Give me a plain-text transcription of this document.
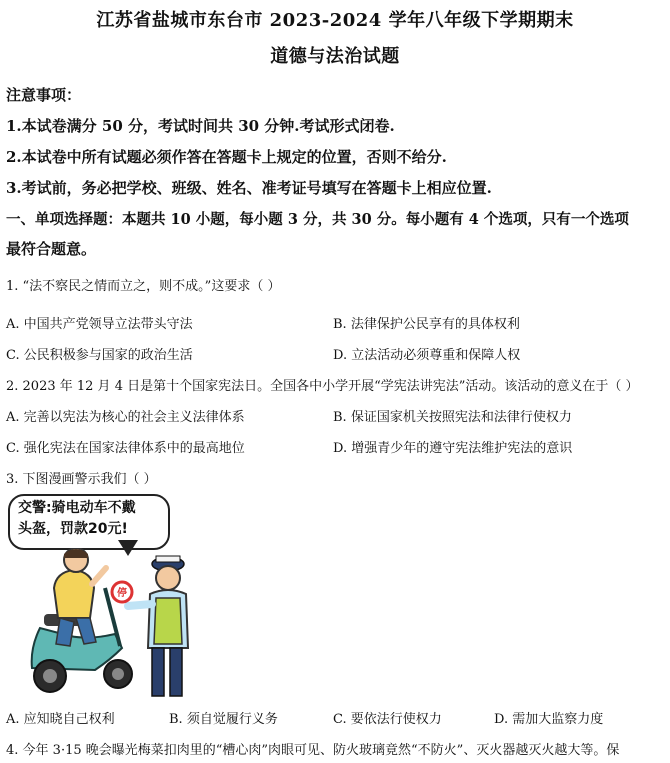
江苏省盐城市东台市 2023-2024 学年八年级下学期期末
道德与法治试题
注意事项：
1.本试卷满分 50 分，考试时间共 30 分钟.考试形式闭卷.
2.本试卷中所有试题必须作答在答题卡上规定的位置，否则不给分.
3.考试前，务必把学校、班级、姓名、准考证号填写在答题卡上相应位置.
一、单项选择题：本题共 10 小题，每小题 3 分，共 30 分。每小题有 4 个选项，只有一个选项
最符合题意。
1. “法不察民之情而立之，则不成。”这要求（ ）
A. 中国共产党领导立法带头守法	B. 法律保护公民享有的具体权利
C. 公民积极参与国家的政治生活	D. 立法活动必须尊重和保障人权
2. 2023 年 12 月 4 日是第十个国家宪法日。全国各中小学开展“学宪法讲宪法”活动。该活动的意义在于（ ）
A. 完善以宪法为核心的社会主义法律体系	B. 保证国家机关按照宪法和法律行使权力
C. 强化宪法在国家法律体系中的最高地位	D. 增强青少年的遵守宪法维护宪法的意识
3. 下图漫画警示我们（ ）
交警:骑电动车不戴
头盔，罚款20元!
停
A. 应知晓自己权利	B. 须自觉履行义务	C. 要依法行使权力	D. 需加大监察力度
4. 今年 3·15 晚会曝光梅菜扣肉里的“槽心肉”肉眼可见、防火玻璃竟然“不防火”、灭火器越灭火越大等。保
